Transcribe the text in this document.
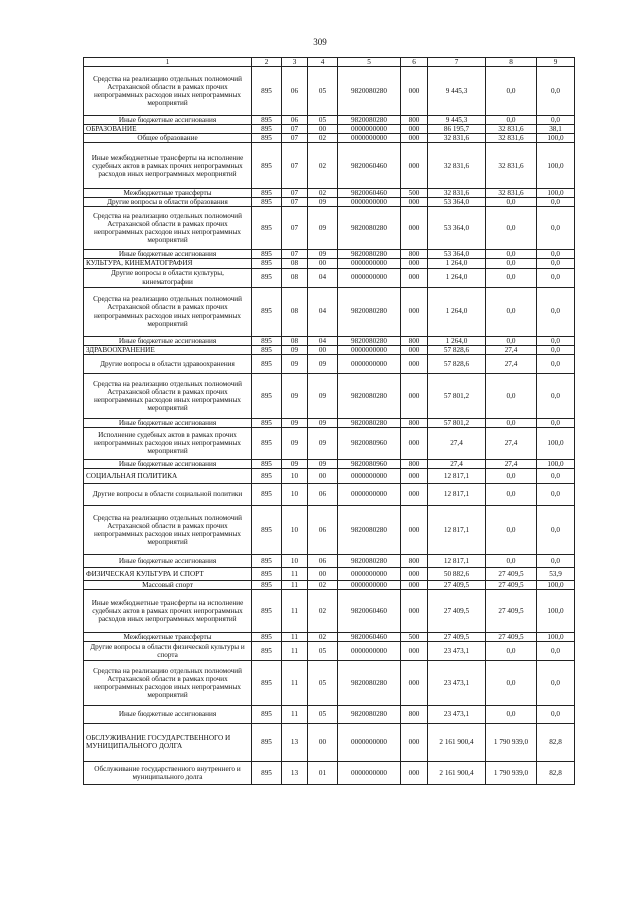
309
1	2	3	4	5	6	7	8	9
Средства на реализацию отдельных полномочий Астраханской области в рамках прочих непрограммных расходов иных непрограммных мероприятий	895	06	05	9820080280	000	9 445,3	0,0	0,0
Иные бюджетные ассигнования	895	06	05	9820080280	800	9 445,3	0,0	0,0
ОБРАЗОВАНИЕ	895	07	00	0000000000	000	86 195,7	32 831,6	38,1
Общее образование	895	07	02	0000000000	000	32 831,6	32 831,6	100,0
Иные межбюджетные трансферты на исполнение судебных актов в рамках прочих непрограммных расходов иных непрограммных мероприятий	895	07	02	9820060460	000	32 831,6	32 831,6	100,0
Межбюджетные трансферты	895	07	02	9820060460	500	32 831,6	32 831,6	100,0
Другие вопросы в области образования	895	07	09	0000000000	000	53 364,0	0,0	0,0
Средства на реализацию отдельных полномочий Астраханской области в рамках прочих непрограммных расходов иных непрограммных мероприятий	895	07	09	9820080280	000	53 364,0	0,0	0,0
Иные бюджетные ассигнования	895	07	09	9820080280	800	53 364,0	0,0	0,0
КУЛЬТУРА, КИНЕМАТОГРАФИЯ	895	08	00	0000000000	000	1 264,0	0,0	0,0
Другие вопросы в области культуры, кинематографии	895	08	04	0000000000	000	1 264,0	0,0	0,0
Средства на реализацию отдельных полномочий Астраханской области в рамках прочих непрограммных расходов иных непрограммных мероприятий	895	08	04	9820080280	000	1 264,0	0,0	0,0
Иные бюджетные ассигнования	895	08	04	9820080280	800	1 264,0	0,0	0,0
ЗДРАВООХРАНЕНИЕ	895	09	00	0000000000	000	57 828,6	27,4	0,0
Другие вопросы в области здравоохранения	895	09	09	0000000000	000	57 828,6	27,4	0,0
Средства на реализацию отдельных полномочий Астраханской области в рамках прочих непрограммных расходов иных непрограммных мероприятий	895	09	09	9820080280	000	57 801,2	0,0	0,0
Иные бюджетные ассигнования	895	09	09	9820080280	800	57 801,2	0,0	0,0
Исполнение судебных актов в рамках прочих непрограммных расходов иных непрограммных мероприятий	895	09	09	9820080960	000	27,4	27,4	100,0
Иные бюджетные ассигнования	895	09	09	9820080960	800	27,4	27,4	100,0
СОЦИАЛЬНАЯ ПОЛИТИКА	895	10	00	0000000000	000	12 817,1	0,0	0,0
Другие вопросы в области социальной политики	895	10	06	0000000000	000	12 817,1	0,0	0,0
Средства на реализацию отдельных полномочий Астраханской области в рамках прочих непрограммных расходов иных непрограммных мероприятий	895	10	06	9820080280	000	12 817,1	0,0	0,0
Иные бюджетные ассигнования	895	10	06	9820080280	800	12 817,1	0,0	0,0
ФИЗИЧЕСКАЯ КУЛЬТУРА И СПОРТ	895	11	00	0000000000	000	50 882,6	27 409,5	53,9
Массовый спорт	895	11	02	0000000000	000	27 409,5	27 409,5	100,0
Иные межбюджетные трансферты на исполнение судебных актов в рамках прочих непрограммных расходов иных непрограммных мероприятий	895	11	02	9820060460	000	27 409,5	27 409,5	100,0
Межбюджетные трансферты	895	11	02	9820060460	500	27 409,5	27 409,5	100,0
Другие вопросы в области физической культуры и спорта	895	11	05	0000000000	000	23 473,1	0,0	0,0
Средства на реализацию отдельных полномочий Астраханской области в рамках прочих непрограммных расходов иных непрограммных мероприятий	895	11	05	9820080280	000	23 473,1	0,0	0,0
Иные бюджетные ассигнования	895	11	05	9820080280	800	23 473,1	0,0	0,0
ОБСЛУЖИВАНИЕ ГОСУДАРСТВЕННОГО И МУНИЦИПАЛЬНОГО ДОЛГА	895	13	00	0000000000	000	2 161 900,4	1 790 939,0	82,8
Обслуживание государственного внутреннего и муниципального долга	895	13	01	0000000000	000	2 161 900,4	1 790 939,0	82,8
